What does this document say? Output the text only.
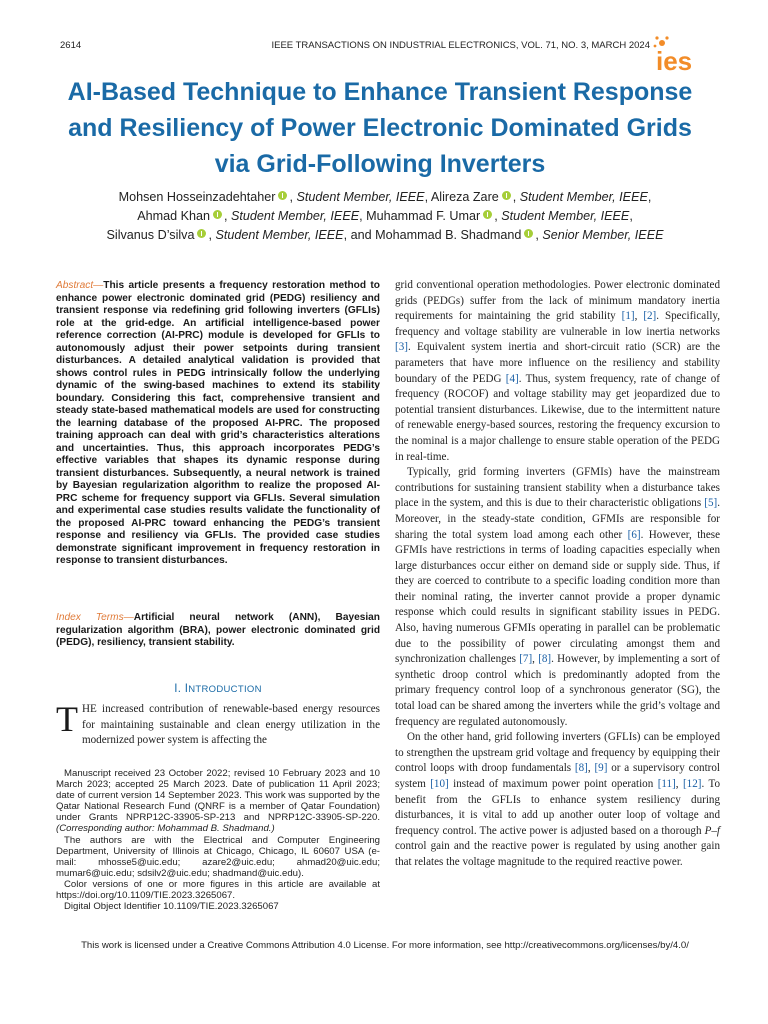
2614	IEEE TRANSACTIONS ON INDUSTRIAL ELECTRONICS, VOL. 71, NO. 3, MARCH 2024
ies
AI-Based Technique to Enhance Transient Response and Resiliency of Power Electronic Dominated Grids via Grid-Following Inverters
Mohsen Hosseinzadehtaher , Student Member, IEEE, Alireza Zare , Student Member, IEEE,
Ahmad Khan , Student Member, IEEE, Muhammad F. Umar , Student Member, IEEE,
Silvanus D’silva , Student Member, IEEE, and Mohammad B. Shadmand , Senior Member, IEEE
Abstract—This article presents a frequency restoration method to enhance power electronic dominated grid (PEDG) resiliency and transient response via redefining grid following inverters (GFLIs) role at the grid-edge. An artificial intelligence-based power reference correction (AI-PRC) module is developed for GFLIs to autonomously adjust their power setpoints during transient disturbances. A detailed analytical validation is provided that shows control rules in PEDG intrinsically follow the underlying dynamic of the swing-based machines to extend its stability boundary. Considering this fact, comprehensive transient and steady state-based mathematical models are used for constructing the learning database of the proposed AI-PRC. The proposed training approach can deal with grid’s characteristics alterations and uncertainties. Thus, this approach incorporates PEDG’s effective variables that shapes its dynamic response during transient disturbances. Subsequently, a neural network is trained by Bayesian regularization algorithm to realize the proposed AI-PRC scheme for frequency support via GFLIs. Several simulation and experimental case studies results validate the functionality of the proposed AI-PRC toward enhancing the PEDG’s transient response and resiliency via GFLIs. The provided case studies demonstrate significant improvement in frequency restoration in response to transient disturbances.
Index Terms—Artificial neural network (ANN), Bayesian regularization algorithm (BRA), power electronic dominated grid (PEDG), resiliency, transient stability.
I. INTRODUCTION
THE increased contribution of renewable-based energy resources for maintaining sustainable and clean energy utilization in the modernized power system is affecting the

Manuscript received 23 October 2022; revised 10 February 2023 and 10 March 2023; accepted 25 March 2023. Date of publication 11 April 2023; date of current version 14 September 2023. This work was supported by the Qatar National Research Fund (QNRF is a member of Qatar Foundation) under Grants NPRP12C-33905-SP-213 and NPRP12C-33905-SP-220. (Corresponding author: Mohammad B. Shadmand.)

The authors are with the Electrical and Computer Engineering Department, University of Illinois at Chicago, Chicago, IL 60607 USA (e-mail: mhosse5@uic.edu; azare2@uic.edu; ahmad20@uic.edu; mumar6@uic.edu; sdsilv2@uic.edu; shadmand@uic.edu).

Color versions of one or more figures in this article are available at https://doi.org/10.1109/TIE.2023.3265067.

Digital Object Identifier 10.1109/TIE.2023.3265067

grid conventional operation methodologies. Power electronic dominated grids (PEDGs) suffer from the lack of minimum mandatory inertia requirements for maintaining the grid stability [1], [2]. Specifically, frequency and voltage stability are vulnerable in low inertia networks [3]. Equivalent system inertia and short-circuit ratio (SCR) are the parameters that have more influence on the resiliency and stability boundary of the PEDG [4]. Thus, system frequency, rate of change of frequency (ROCOF) and voltage stability may get jeopardized due to potential transient disturbances. Likewise, due to the intermittent nature of renewable energy-based sources, restoring the frequency excursion to the nominal is a major challenge to ensure stable operation of the PEDG in real-time.

Typically, grid forming inverters (GFMIs) have the mainstream contributions for sustaining transient stability when a disturbance takes place in the system, and this is due to their characteristic obligations [5]. Moreover, in the steady-state condition, GFMIs are responsible for sharing the total system load among each other [6]. However, these GFMIs have restrictions in terms of loading capacities especially when large disturbances occur either on demand side or supply side. Thus, if they are coerced to contribute to a specific loading condition more than their nominal rating, the inverter cannot provide a proper dynamic response which could results in significant stability issues in PEDG. Also, having numerous GFMIs operating in parallel can be problematic due to the possibility of power circulating amongst them and synchronization challenges [7], [8]. However, by implementing a sort of synthetic droop control which is predominantly adopted from the primary frequency control loop of a synchronous generator (SG), the total load can be shared among the inverters while the grid’s voltage and frequency are regulated autonomously.

On the other hand, grid following inverters (GFLIs) can be employed to strengthen the upstream grid voltage and frequency by equipping their control loops with droop fundamentals [8], [9] or a supervisory control system [10] instead of maximum power point operation [11], [12]. To benefit from the GFLIs to enhance system resiliency during disturbances, it is vital to add up another outer loop of voltage and frequency control. The active power is adjusted based on a thorough P–f control gain and the reactive power is regulated by using another gain that relates the voltage magnitude to the required reactive power.

This work is licensed under a Creative Commons Attribution 4.0 License. For more information, see http://creativecommons.org/licenses/by/4.0/
